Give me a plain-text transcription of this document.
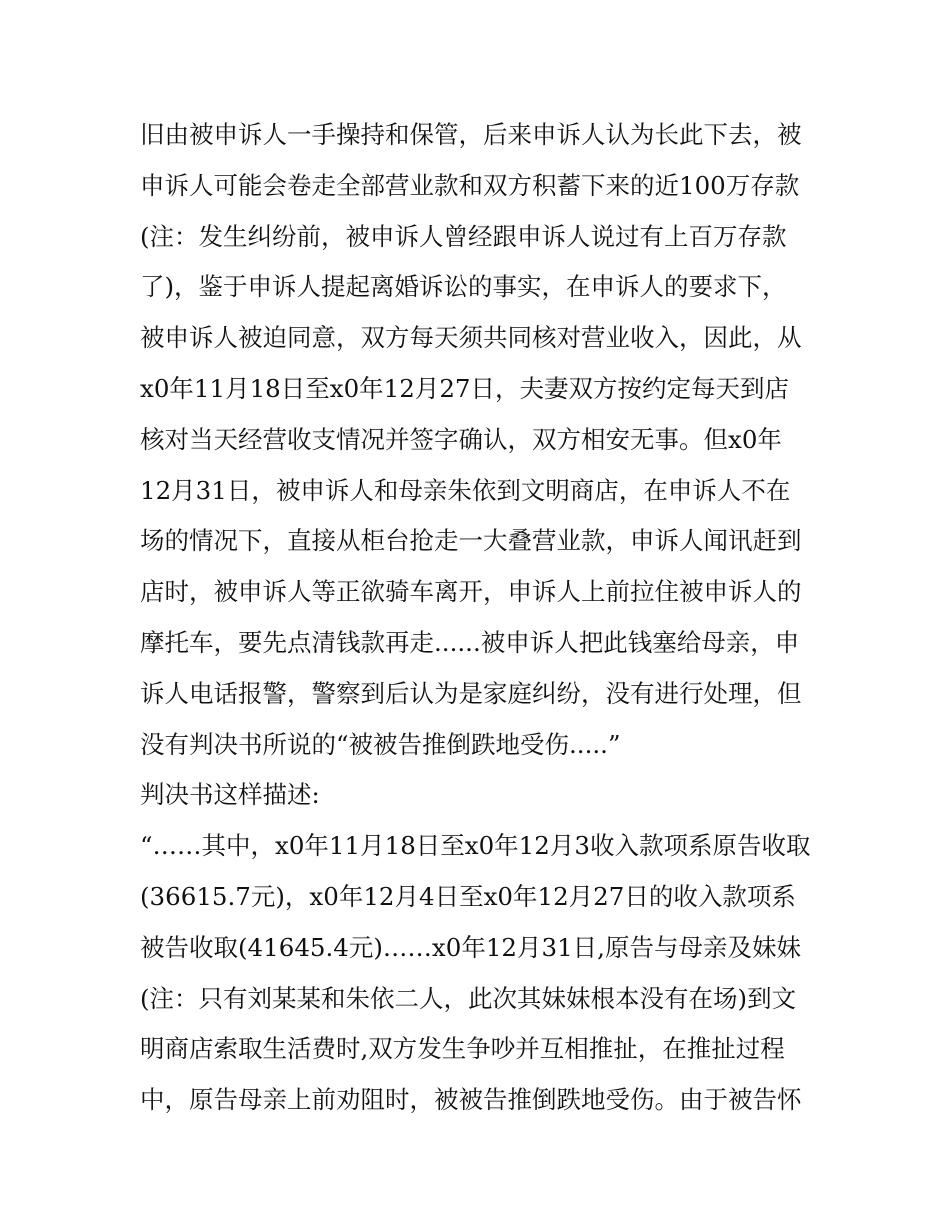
旧由被申诉人一手操持和保管，后来申诉人认为长此下去，被
申诉人可能会卷走全部营业款和双方积蓄下来的近100万存款
(注：发生纠纷前，被申诉人曾经跟申诉人说过有上百万存款
了)，鉴于申诉人提起离婚诉讼的事实，在申诉人的要求下，
被申诉人被迫同意，双方每天须共同核对营业收入，因此，从
x0年11月18日至x0年12月27日，夫妻双方按约定每天到店
核对当天经营收支情况并签字确认，双方相安无事。但x0年
12月31日，被申诉人和母亲朱依到文明商店，在申诉人不在
场的情况下，直接从柜台抢走一大叠营业款，申诉人闻讯赶到
店时，被申诉人等正欲骑车离开，申诉人上前拉住被申诉人的
摩托车，要先点清钱款再走......被申诉人把此钱塞给母亲，申
诉人电话报警，警察到后认为是家庭纠纷，没有进行处理，但
没有判决书所说的“被被告推倒跌地受伤.....”
判决书这样描述:
“……其中，x0年11月18日至x0年12月3收入款项系原告收取
(36615.7元)，x0年12月4日至x0年12月27日的收入款项系
被告收取(41645.4元)……x0年12月31日,原告与母亲及妹妹
(注：只有刘某某和朱依二人，此次其妹妹根本没有在场)到文
明商店索取生活费时,双方发生争吵并互相推扯，在推扯过程
中，原告母亲上前劝阻时，被被告推倒跌地受伤。由于被告怀
